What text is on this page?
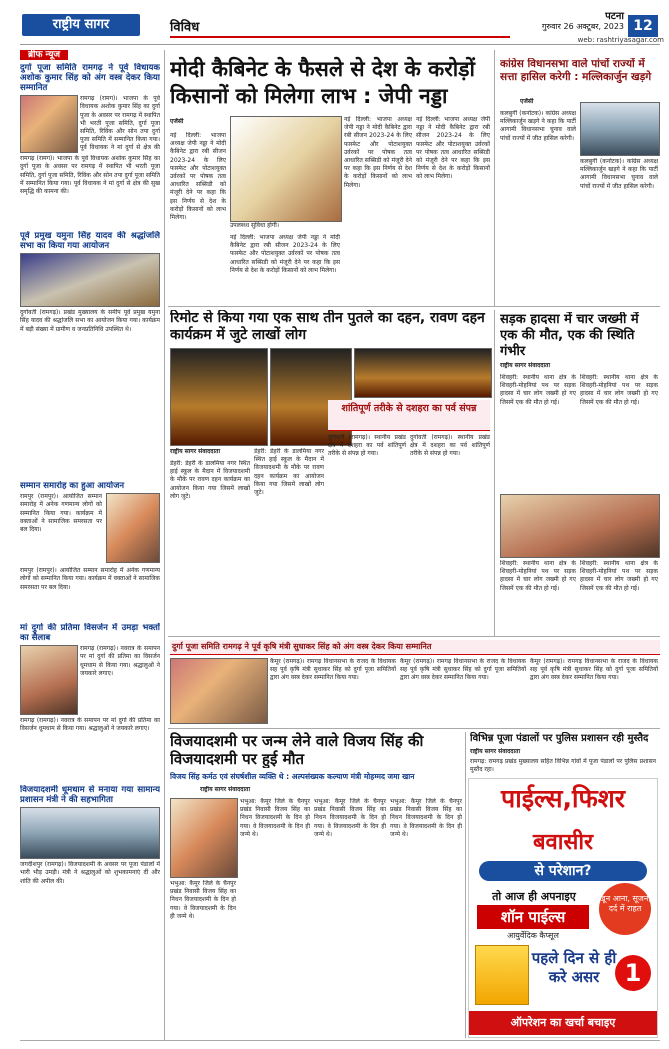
राष्ट्रीय सागर	विविध
पटना
गुरुवार 26 अक्टूबर, 2023 12
web: rashtriyasagar.com
ब्रीफ न्यूज
दुर्गा पूजा समिति रामगढ़ ने पूर्व विधायक अशोक कुमार सिंह को अंग वस्त्र देकर किया सम्मानित
रामगढ़ (रामग)। भाजपा के पूर्व विधायक अशोक कुमार सिंह का दुर्गा पूजा के अवसर पर रामगढ़ में स्थापित भी भरती पूजा समिति, दुर्गा पूजा समिति, रिविंक और सोन तपा दुर्गा पूजा समिति में सम्मानित किया गया। पूर्व विधायक ने मां दुर्गा से क्षेत्र की
रामगढ़ (रामग)। भाजपा के पूर्व विधायक अशोक कुमार सिंह का दुर्गा पूजा के अवसर पर रामगढ़ में स्थापित भी भरती पूजा समिति, दुर्गा पूजा समिति, रिविंक और सोन तपा दुर्गा पूजा समिति में सम्मानित किया गया। पूर्व विधायक ने मां दुर्गा से क्षेत्र की सुख समृद्धि की कामना की।
पूर्व प्रमुख यमुना सिंह यादव की श्रद्धांजलि सभा का किया गया आयोजन
दुर्गावती (रामगढ़)। प्रखंड मुख्यालय के समीप पूर्व प्रमुख यमुना सिंह यादव की श्रद्धांजलि सभा का आयोजन किया गया। कार्यक्रम में बड़ी संख्या में ग्रामीण व जनप्रतिनिधि उपस्थित थे।
सम्मान समारोह का हुआ आयोजन
रामपुर (रामपुर)। आयोजित सम्मान समारोह में अनेक गणमान्य लोगों को सम्मानित किया गया। कार्यक्रम में वक्ताओं ने सामाजिक समरसता पर बल दिया।
रामपुर (रामपुर)। आयोजित सम्मान समारोह में अनेक गणमान्य लोगों को सम्मानित किया गया। कार्यक्रम में वक्ताओं ने सामाजिक समरसता पर बल दिया।
मां दुर्गा की प्रतिमा विसर्जन में उमड़ा भक्तों का सैलाब
रामगढ़ (रामगढ़)। नवरात्र के समापन पर मां दुर्गा की प्रतिमा का विसर्जन धूमधाम से किया गया। श्रद्धालुओं ने जयकारे लगाए।
रामगढ़ (रामगढ़)। नवरात्र के समापन पर मां दुर्गा की प्रतिमा का विसर्जन धूमधाम से किया गया। श्रद्धालुओं ने जयकारे लगाए।
विजयादशमी धूमधाम से मनाया गया सामान्य प्रशासन मंत्री ने की सहभागिता
जगदीशपुर (रामगढ़)। विजयादशमी के अवसर पर पूजा पंडालों में भारी भीड़ उमड़ी। मंत्री ने श्रद्धालुओं को शुभकामनाएं दीं और शांति की अपील की।
मोदी कैबिनेट के फैसले से देश के करोड़ों किसानों को मिलेगा लाभ : जेपी नड्डा
एजेंसी
उपलब्ध्ध सुविधा होगी।
नई दिल्ली: भाजपा अध्यक्ष जेपी नड्डा ने मोदी कैबिनेट द्वारा रबी सीजन 2023-24 के लिए फास्फेट और पोटाशयुक्त उर्वरकों पर पोषक तत्व आधारित सब्सिडी को मंजूरी देने पर कहा कि इस निर्णय से देश के करोड़ों किसानों को लाभ मिलेगा।
नई दिल्ली: भाजपा अध्यक्ष जेपी नड्डा ने मोदी कैबिनेट द्वारा रबी सीजन 2023-24 के लिए फास्फेट और पोटाशयुक्त उर्वरकों पर पोषक तत्व आधारित सब्सिडी को मंजूरी देने पर कहा कि इस निर्णय से देश के करोड़ों किसानों को लाभ मिलेगा।
नई दिल्ली: भाजपा अध्यक्ष जेपी नड्डा ने मोदी कैबिनेट द्वारा रबी सीजन 2023-24 के लिए फास्फेट और पोटाशयुक्त उर्वरकों पर पोषक तत्व आधारित सब्सिडी को मंजूरी देने पर कहा कि इस निर्णय से देश के करोड़ों किसानों को लाभ मिलेगा।
नई दिल्ली: भाजपा अध्यक्ष जेपी नड्डा ने मोदी कैबिनेट द्वारा रबी सीजन 2023-24 के लिए फास्फेट और पोटाशयुक्त उर्वरकों पर पोषक तत्व आधारित सब्सिडी को मंजूरी देने पर कहा कि इस निर्णय से देश के करोड़ों किसानों को लाभ मिलेगा।
कांग्रेस विधानसभा वाले पांचों राज्यों में सत्ता हासिल करेगी : मल्लिकार्जुन खड़गे
एजेंसी
कलबुर्गी (कर्नाटक)। कांग्रेस अध्यक्ष मल्लिकार्जुन खड़गे ने कहा कि पार्टी आगामी विधानसभा चुनाव वाले पांचों राज्यों में जीत हासिल करेगी।
कलबुर्गी (कर्नाटक)। कांग्रेस अध्यक्ष मल्लिकार्जुन खड़गे ने कहा कि पार्टी आगामी विधानसभा चुनाव वाले पांचों राज्यों में जीत हासिल करेगी।
रिमोट से किया गया एक साथ तीन पुतले का दहन, रावण दहन कार्यक्रम में जुटे लाखों लोग
राष्ट्रीय सागर संवाददाता
डेहरी: डेहरी के डालमिया नगर स्थित हाई स्कूल के मैदान में विजयादशमी के मौके पर रावण दहन कार्यक्रम का आयोजन किया गया जिसमें लाखों लोग जुटे।
डेहरी: डेहरी के डालमिया नगर स्थित हाई स्कूल के मैदान में विजयादशमी के मौके पर रावण दहन कार्यक्रम का आयोजन किया गया जिसमें लाखों लोग जुटे।
शांतिपूर्ण तरीके से दशहरा का पर्व संपन्न
दुर्गावती (रामगढ़)। स्थानीय प्रखंड क्षेत्र में दशहरा का पर्व शांतिपूर्ण तरीके से संपन्न हो गया।
दुर्गावती (रामगढ़)। स्थानीय प्रखंड क्षेत्र में दशहरा का पर्व शांतिपूर्ण तरीके से संपन्न हो गया।
सड़क हादसा में चार जख्मी में एक की मौत, एक की स्थिति गंभीर
राष्ट्रीय सागर संवाददाता
शिवहरी: स्थानीय थाना क्षेत्र के शिवहरी-मोहनियां पथ पर सड़क हादसा में चार लोग जख्मी हो गए जिसमें एक की मौत हो गई।
शिवहरी: स्थानीय थाना क्षेत्र के शिवहरी-मोहनियां पथ पर सड़क हादसा में चार लोग जख्मी हो गए जिसमें एक की मौत हो गई।
शिवहरी: स्थानीय थाना क्षेत्र के शिवहरी-मोहनियां पथ पर सड़क हादसा में चार लोग जख्मी हो गए जिसमें एक की मौत हो गई।
शिवहरी: स्थानीय थाना क्षेत्र के शिवहरी-मोहनियां पथ पर सड़क हादसा में चार लोग जख्मी हो गए जिसमें एक की मौत हो गई।
दुर्गा पूजा समिति रामगढ़ ने पूर्व कृषि मंत्री सुधाकर सिंह को अंग वस्त्र देकर किया सम्मानित
कैमूर (रामगढ़)। रामगढ़ विधानसभा के राजद के विधायक सह पूर्व कृषि मंत्री सुधाकर सिंह को दुर्गा पूजा समितियों द्वारा अंग वस्त्र देकर सम्मानित किया गया।
कैमूर (रामगढ़)। रामगढ़ विधानसभा के राजद के विधायक सह पूर्व कृषि मंत्री सुधाकर सिंह को दुर्गा पूजा समितियों द्वारा अंग वस्त्र देकर सम्मानित किया गया।
कैमूर (रामगढ़)। रामगढ़ विधानसभा के राजद के विधायक सह पूर्व कृषि मंत्री सुधाकर सिंह को दुर्गा पूजा समितियों द्वारा अंग वस्त्र देकर सम्मानित किया गया।
विजयादशमी पर जन्म लेने वाले विजय सिंह की विजयादशमी पर हुई मौत
विजय सिंह कर्मठ एवं संघर्षशील व्यक्ति थे : अल्पसंख्यक कल्याण मंत्री मोहम्मद जमा खान
राष्ट्रीय सागर संवाददाता
भभुआ: कैमूर जिले के चैनपुर प्रखंड निवासी विजय सिंह का निधन विजयादशमी के दिन हो गया। वे विजयादशमी के दिन ही जन्मे थे।
भभुआ: कैमूर जिले के चैनपुर प्रखंड निवासी विजय सिंह का निधन विजयादशमी के दिन हो गया। वे विजयादशमी के दिन ही जन्मे थे।
भभुआ: कैमूर जिले के चैनपुर प्रखंड निवासी विजय सिंह का निधन विजयादशमी के दिन हो गया। वे विजयादशमी के दिन ही जन्मे थे।
भभुआ: कैमूर जिले के चैनपुर प्रखंड निवासी विजय सिंह का निधन विजयादशमी के दिन हो गया। वे विजयादशमी के दिन ही जन्मे थे।
विभिन्न पूजा पंडालों पर पुलिस प्रशासन रही मुस्तैद
राष्ट्रीय सागर संवाददाता
रामगढ़: रामगढ़ प्रखंड मुख्यालय सहित विभिन्न गांवों में पूजा पंडालों पर पुलिस प्रशासन मुस्तैद रहा।
पाईल्स,फिशर
बवासीर
से परेशान?
तो आज ही अपनाइए
शॉन पाईल्स
आयुर्वेदिक कैप्सूल
खून आना, सूजन, दर्द में राहत
पहले दिन से ही करे असर	1
ऑपरेशन का खर्चा बचाइए
